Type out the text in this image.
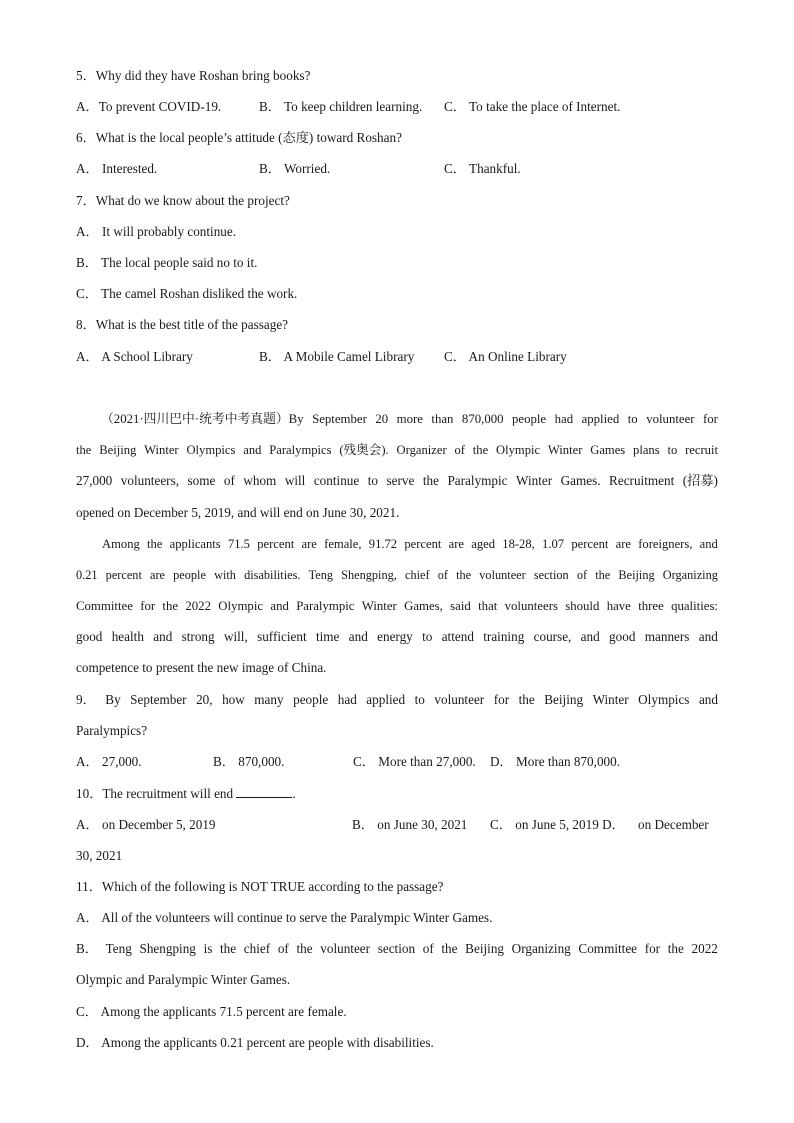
5．Why did they have Roshan bring books?
A．To prevent COVID-19.	B． To keep children learning. C． To take the place of Internet.
6．What is the local people’s attitude (态度) toward Roshan?
A． Interested.	B． Worried.	C． Thankful.
7．What do we know about the project?
A． It will probably continue.
B． The local people said no to it.
C． The camel Roshan disliked the work.
8．What is the best title of the passage?
A． A School Library	B． A Mobile Camel Library C． An Online Library
（2021·四川巴中·统考中考真题）By September 20 more than 870,000 people had applied to volunteer for
the Beijing Winter Olympics and Paralympics (残奥会). Organizer of the Olympic Winter Games plans to recruit
27,000 volunteers, some of whom will continue to serve the Paralympic Winter Games. Recruitment (招募)
opened on December 5, 2019, and will end on June 30, 2021.
Among the applicants 71.5 percent are female, 91.72 percent are aged 18-28, 1.07 percent are foreigners, and
0.21 percent are people with disabilities. Teng Shengping, chief of the volunteer section of the Beijing Organizing
Committee for the 2022 Olympic and Paralympic Winter Games, said that volunteers should have three qualities:
good health and strong will, sufficient time and energy to attend training course, and good manners and
competence to present the new image of China.
9． By September 20, how many people had applied to volunteer for the Beijing Winter Olympics and
Paralympics?
A． 27,000.	B． 870,000.	C． More than 27,000. D． More than 870,000.
10．The recruitment will end	.
A． on December 5, 2019	B． on June 30, 2021 C． on June 5, 2019 D． on December
30, 2021
11．Which of the following is NOT TRUE according to the passage?
A． All of the volunteers will continue to serve the Paralympic Winter Games.
B． Teng Shengping is the chief of the volunteer section of the Beijing Organizing Committee for the 2022
Olympic and Paralympic Winter Games.
C． Among the applicants 71.5 percent are female.
D． Among the applicants 0.21 percent are people with disabilities.
